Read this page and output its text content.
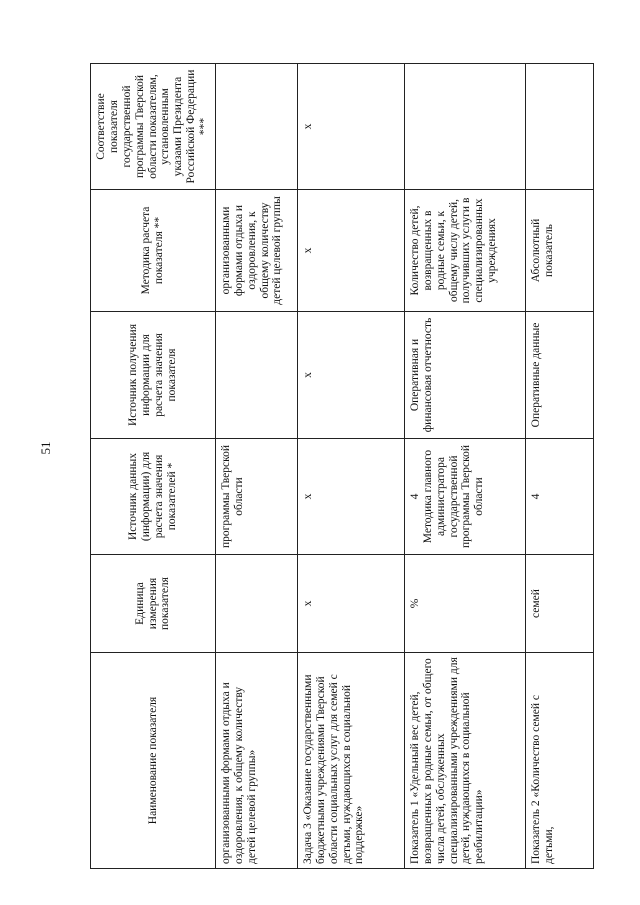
51
Наименование показателя	Единица измерения показателя	Источник данных (информации) для расчета значения показателей *	Источник получения информации для расчета значения показателя	Методика расчета показателя **	Соответствие показателя государственной программы Тверской области показателям, установленным указами Президента Российской Федерации ***
организованными формами отдыха и оздоровления, к общему количеству детей целевой группы»		программы Тверской области		организованными формами отдыха и оздоровления, к общему количеству детей целевой группы	
Задача 3 «Оказание государственными бюджетными учреждениями Тверской области социальных услуг для семей с детьми, нуждающихся в социальной поддержке»	х	х	х	х	х
Показатель 1 «Удельный вес детей, возвращенных в родные семьи, от общего числа детей, обслуженных специализированными учреждениями для детей, нуждающихся в социальной реабилитации»	%	4 Методика главного администратора государственной программы Тверской области	Оперативная и финансовая отчетность	Количество детей, возвращенных в родные семьи, к общему числу детей, получивших услуги в специализированных учреждениях	
Показатель 2 «Количество семей с детьми,	семей	4	Оперативные данные	Абсолютный показатель	
